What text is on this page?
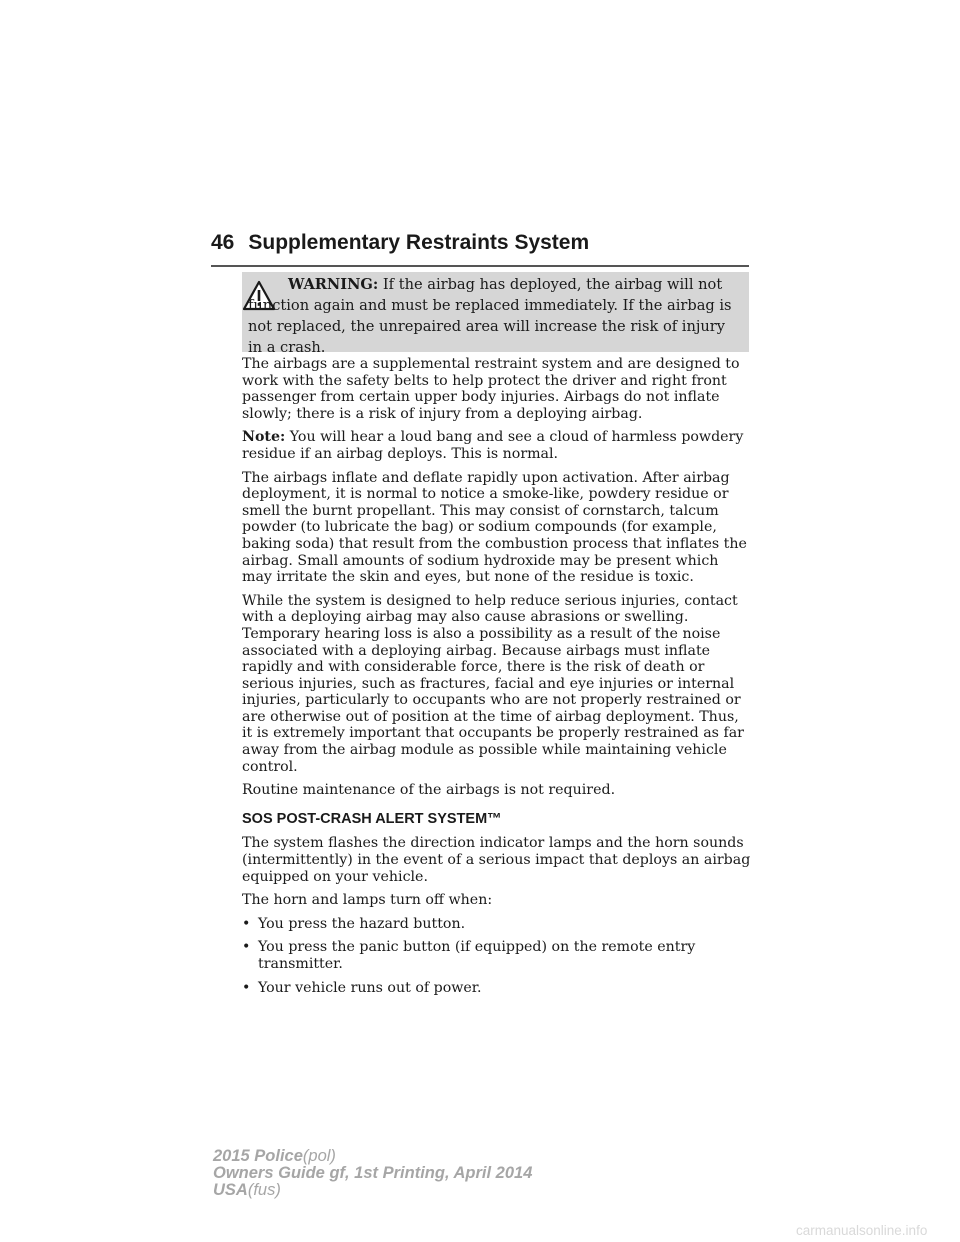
46 Supplementary Restraints System
WARNING: If the airbag has deployed, the airbag will not function again and must be replaced immediately. If the airbag is not replaced, the unrepaired area will increase the risk of injury in a crash.

The airbags are a supplemental restraint system and are designed to work with the safety belts to help protect the driver and right front passenger from certain upper body injuries. Airbags do not inflate slowly; there is a risk of injury from a deploying airbag.

Note: You will hear a loud bang and see a cloud of harmless powdery residue if an airbag deploys. This is normal.

The airbags inflate and deflate rapidly upon activation. After airbag deployment, it is normal to notice a smoke-like, powdery residue or smell the burnt propellant. This may consist of cornstarch, talcum powder (to lubricate the bag) or sodium compounds (for example, baking soda) that result from the combustion process that inflates the airbag. Small amounts of sodium hydroxide may be present which may irritate the skin and eyes, but none of the residue is toxic.

While the system is designed to help reduce serious injuries, contact with a deploying airbag may also cause abrasions or swelling. Temporary hearing loss is also a possibility as a result of the noise associated with a deploying airbag. Because airbags must inflate rapidly and with considerable force, there is the risk of death or serious injuries, such as fractures, facial and eye injuries or internal injuries, particularly to occupants who are not properly restrained or are otherwise out of position at the time of airbag deployment. Thus, it is extremely important that occupants be properly restrained as far away from the airbag module as possible while maintaining vehicle control.

Routine maintenance of the airbags is not required.

SOS POST-CRASH ALERT SYSTEM™

The system flashes the direction indicator lamps and the horn sounds (intermittently) in the event of a serious impact that deploys an airbag equipped on your vehicle.

The horn and lamps turn off when:

• You press the hazard button.
• You press the panic button (if equipped) on the remote entry transmitter.
• Your vehicle runs out of power.
2015 Police(pol)
Owners Guide gf, 1st Printing, April 2014
USA(fus)
carmanualsonline.info
